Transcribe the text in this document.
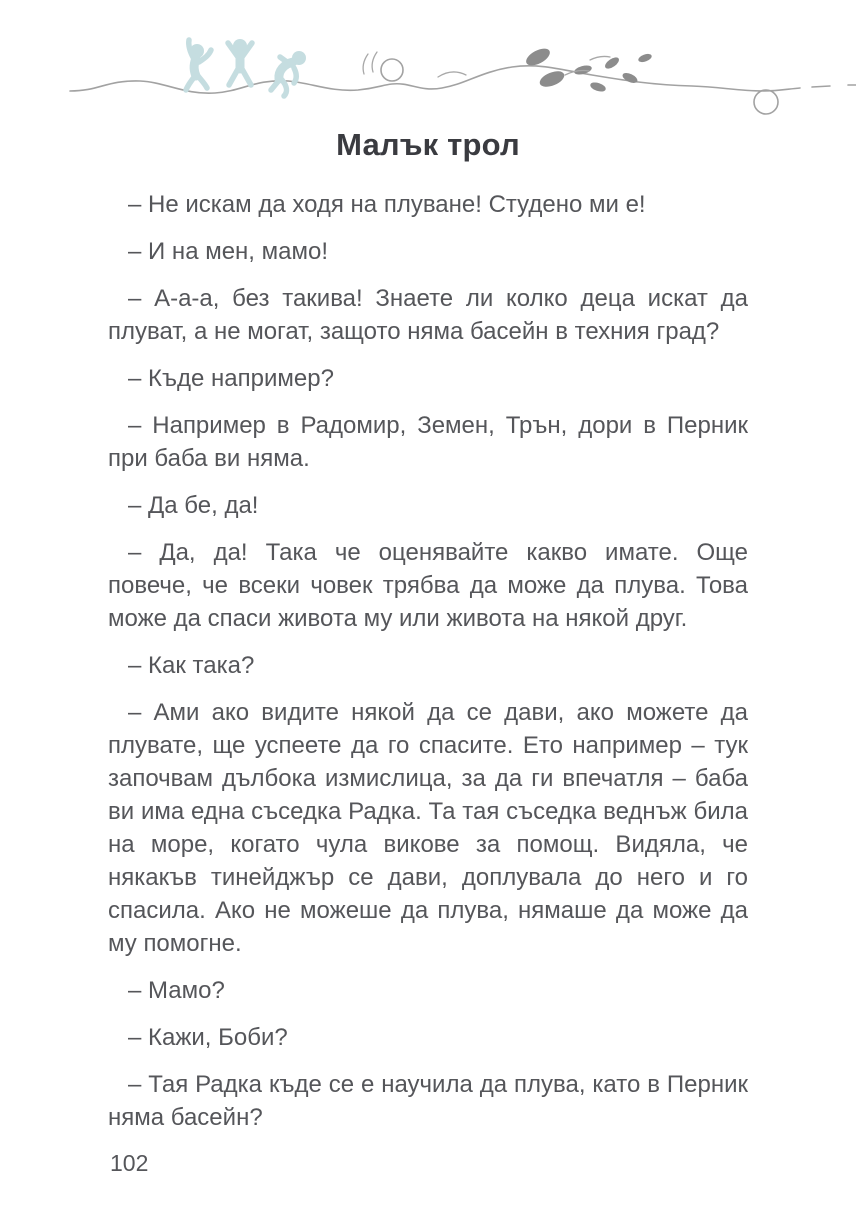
Малък трол

– Не искам да ходя на плуване! Студено ми е!

– И на мен, мамо!

– А-а-а, без такива! Знаете ли колко деца искат да плуват, а не могат, защото няма басейн в техния град?

– Къде например?

– Например в Радомир, Земен, Трън, дори в Перник при баба ви няма.

– Да бе, да!

– Да, да! Така че оценявайте какво имате. Още повече, че всеки човек трябва да може да плува. Това може да спаси живота му или живота на някой друг.

– Как така?

– Ами ако видите някой да се дави, ако можете да плувате, ще успеете да го спасите. Ето например – тук започвам дълбока измислица, за да ги впечатля – баба ви има една съседка Радка. Та тая съседка веднъж била на море, когато чула викове за помощ. Видяла, че някакъв тинейджър се дави, доплувала до него и го спасила. Ако не можеше да плува, нямаше да може да му помогне.

– Мамо?

– Кажи, Боби?

– Тая Радка къде се е научила да плува, като в Перник няма басейн?

102
